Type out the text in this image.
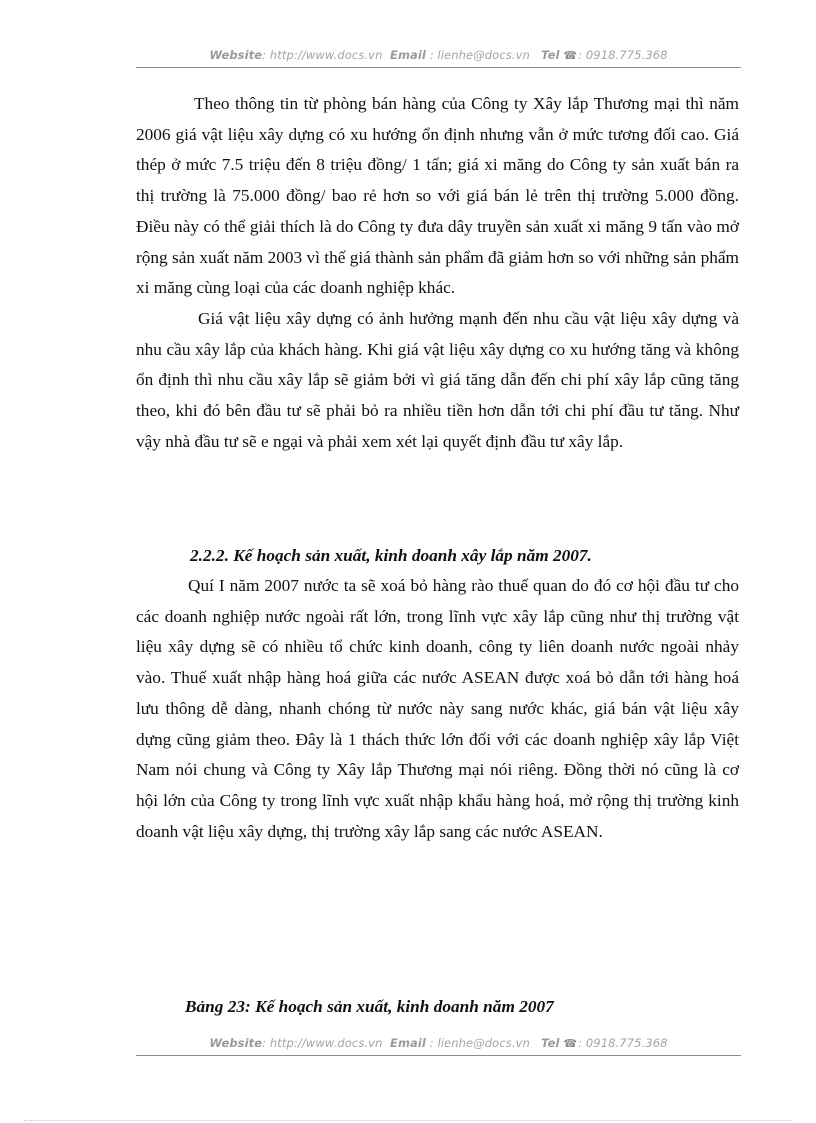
Website: http://www.docs.vn Email : lienhe@docs.vn Tel ☎: 0918.775.368

Theo thông tin từ phòng bán hàng của Công ty Xây lắp Thương mại thì năm 2006 giá vật liệu xây dựng có xu hướng ổn định nhưng vẫn ở mức tương đối cao. Giá thép ở mức 7.5 triệu đến 8 triệu đồng/ 1 tấn; giá xi măng do Công ty sản xuất bán ra thị trường là 75.000 đồng/ bao rẻ hơn so với giá bán lẻ trên thị trường 5.000 đồng. Điều này có thể giải thích là do Công ty đưa dây truyền sản xuất xi măng 9 tấn vào mở rộng sản xuất năm 2003 vì thế giá thành sản phẩm đã giảm hơn so với những sản phẩm xi măng cùng loại của các doanh nghiệp khác.

Giá vật liệu xây dựng có ảnh hưởng mạnh đến nhu cầu vật liệu xây dựng và nhu cầu xây lắp của khách hàng. Khi giá vật liệu xây dựng co xu hướng tăng và không ổn định thì nhu cầu xây lắp sẽ giảm bởi vì giá tăng dẫn đến chi phí xây lắp cũng tăng theo, khi đó bên đầu tư sẽ phải bỏ ra nhiều tiền hơn dẫn tới chi phí đầu tư tăng. Như vậy nhà đầu tư sẽ e ngại và phải xem xét lại quyết định đầu tư xây lắp.

2.2.2. Kế hoạch sản xuất, kinh doanh xây lắp năm 2007.

Quí I năm 2007 nước ta sẽ xoá bỏ hàng rào thuế quan do đó cơ hội đầu tư cho các doanh nghiệp nước ngoài rất lớn, trong lĩnh vực xây lắp cũng như thị trường vật liệu xây dựng sẽ có nhiều tổ chức kinh doanh, công ty liên doanh nước ngoài nhảy vào. Thuế xuất nhập hàng hoá giữa các nước ASEAN được xoá bỏ dẫn tới hàng hoá lưu thông dễ dàng, nhanh chóng từ nước này sang nước khác, giá bán vật liệu xây dựng cũng giảm theo. Đây là 1 thách thức lớn đối với các doanh nghiệp xây lắp Việt Nam nói chung và Công ty Xây lắp Thương mại nói riêng. Đồng thời nó cũng là cơ hội lớn của Công ty trong lĩnh vực xuất nhập khẩu hàng hoá, mở rộng thị trường kinh doanh vật liệu xây dựng, thị trường xây lắp sang các nước ASEAN.

Bảng 23: Kế hoạch sản xuất, kinh doanh năm 2007
Website: http://www.docs.vn Email : lienhe@docs.vn Tel ☎: 0918.775.368
